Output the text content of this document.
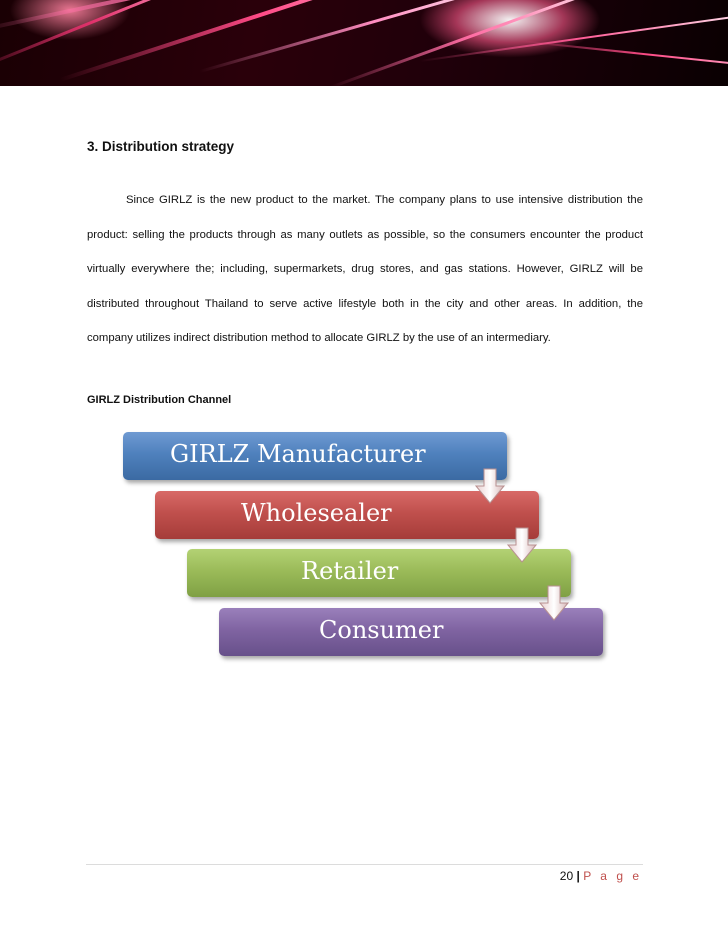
3. Distribution strategy
Since GIRLZ is the new product to the market. The company plans to use intensive distribution the product: selling the products through as many outlets as possible, so the consumers encounter the product virtually everywhere the; including, supermarkets, drug stores, and gas stations. However, GIRLZ will be distributed throughout Thailand to serve active lifestyle both in the city and other areas. In addition, the company utilizes indirect distribution method to allocate GIRLZ by the use of an intermediary.
GIRLZ Distribution Channel
GIRLZ Manufacturer
Wholesealer
Retailer
Consumer
20 | P a g e
